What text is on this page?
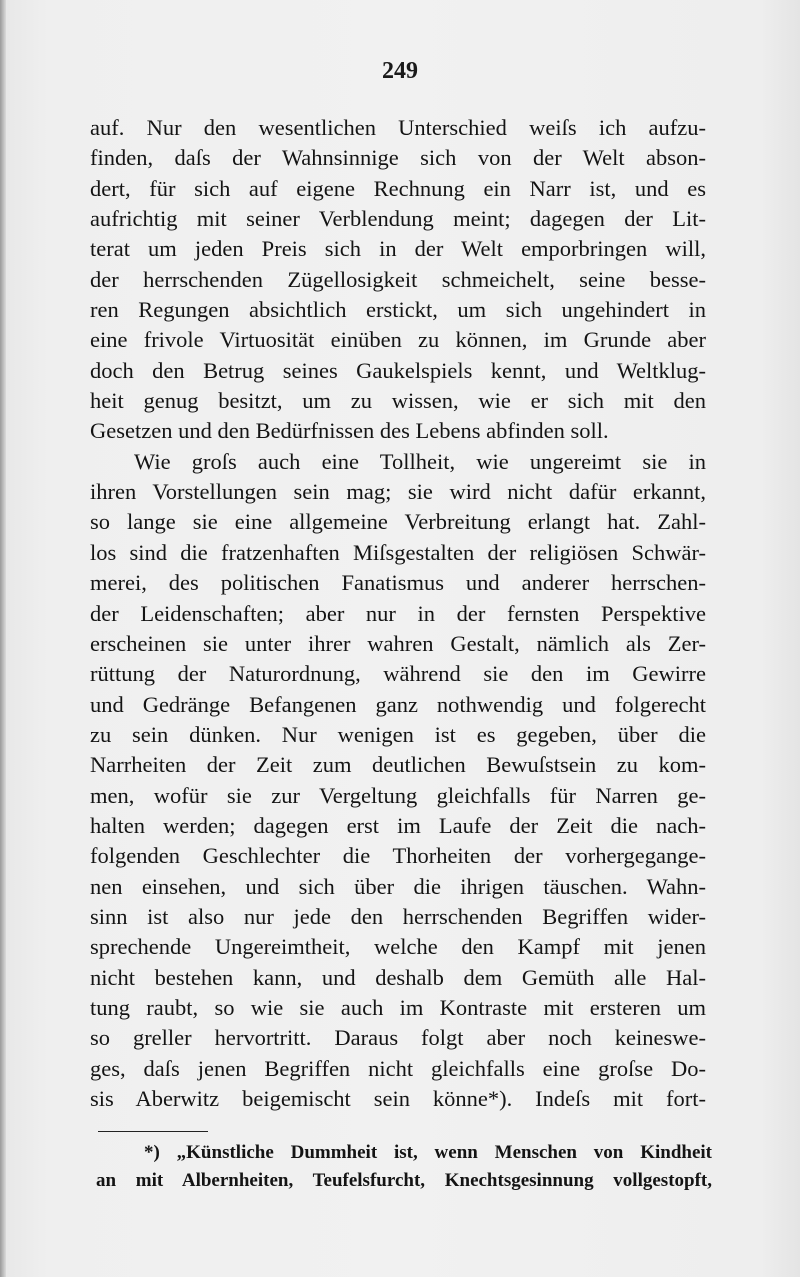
249
auf. Nur den wesentlichen Unterschied weiſs ich aufzu-
finden, daſs der Wahnsinnige sich von der Welt abson-
dert, für sich auf eigene Rechnung ein Narr ist, und es
aufrichtig mit seiner Verblendung meint; dagegen der Lit-
terat um jeden Preis sich in der Welt emporbringen will,
der herrschenden Zügellosigkeit schmeichelt, seine besse-
ren Regungen absichtlich erstickt, um sich ungehindert in
eine frivole Virtuosität einüben zu können, im Grunde aber
doch den Betrug seines Gaukelspiels kennt, und Weltklug-
heit genug besitzt, um zu wissen, wie er sich mit den
Gesetzen und den Bedürfnissen des Lebens abfinden soll.
Wie groſs auch eine Tollheit, wie ungereimt sie in
ihren Vorstellungen sein mag; sie wird nicht dafür erkannt,
so lange sie eine allgemeine Verbreitung erlangt hat. Zahl-
los sind die fratzenhaften Miſsgestalten der religiösen Schwär-
merei, des politischen Fanatismus und anderer herrschen-
der Leidenschaften; aber nur in der fernsten Perspektive
erscheinen sie unter ihrer wahren Gestalt, nämlich als Zer-
rüttung der Naturordnung, während sie den im Gewirre
und Gedränge Befangenen ganz nothwendig und folgerecht
zu sein dünken. Nur wenigen ist es gegeben, über die
Narrheiten der Zeit zum deutlichen Bewuſstsein zu kom-
men, wofür sie zur Vergeltung gleichfalls für Narren ge-
halten werden; dagegen erst im Laufe der Zeit die nach-
folgenden Geschlechter die Thorheiten der vorhergegange-
nen einsehen, und sich über die ihrigen täuschen. Wahn-
sinn ist also nur jede den herrschenden Begriffen wider-
sprechende Ungereimtheit, welche den Kampf mit jenen
nicht bestehen kann, und deshalb dem Gemüth alle Hal-
tung raubt, so wie sie auch im Kontraste mit ersteren um
so greller hervortritt. Daraus folgt aber noch keineswe-
ges, daſs jenen Begriffen nicht gleichfalls eine groſse Do-
sis Aberwitz beigemischt sein könne*). Indeſs mit fort-
*) „Künstliche Dummheit ist, wenn Menschen von Kindheit
an mit Albernheiten, Teufelsfurcht, Knechtsgesinnung vollgestopft,
